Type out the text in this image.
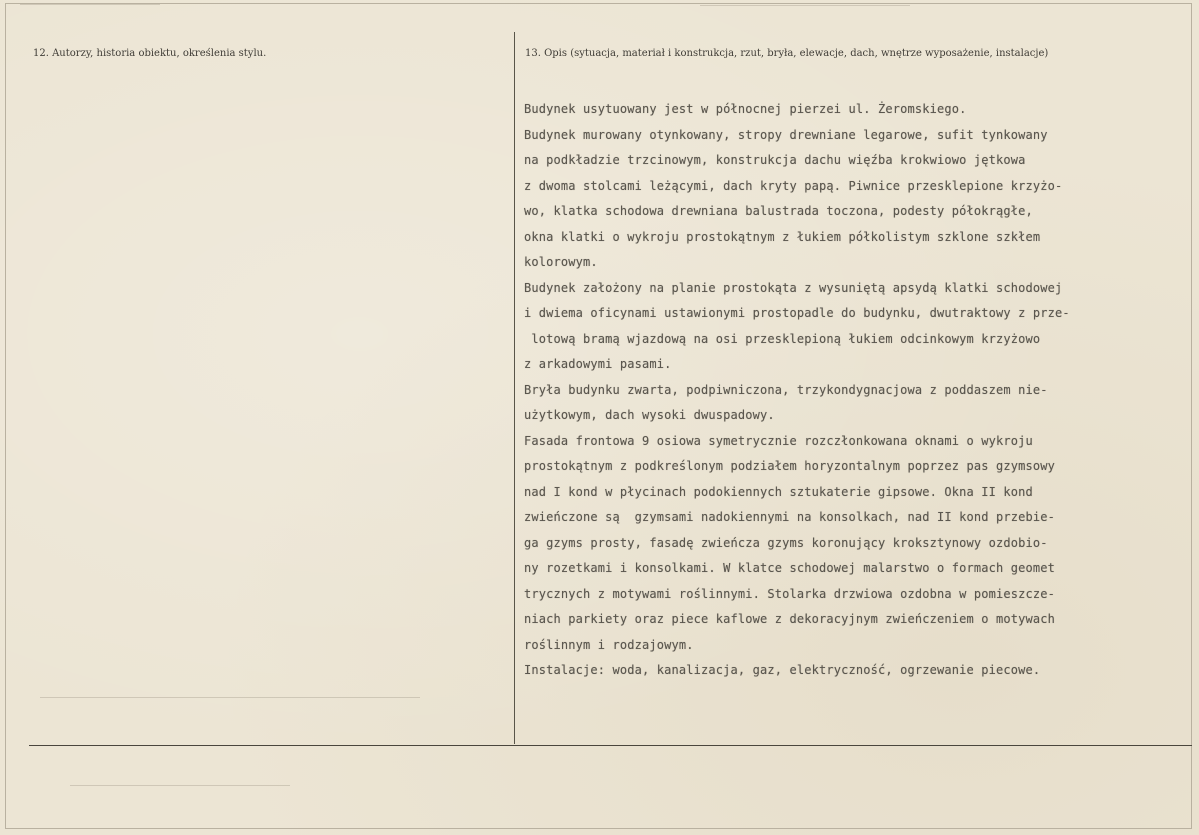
12. Autorzy, historia obiektu, określenia stylu.	13. Opis (sytuacja, materiał i konstrukcja, rzut, bryła, elewacje, dach, wnętrze wyposażenie, instalacje)
Budynek usytuowany jest w północnej pierzei ul. Żeromskiego.
Budynek murowany otynkowany, stropy drewniane legarowe, sufit tynkowany
na podkładzie trzcinowym, konstrukcja dachu więźba krokwiowo jętkowa
z dwoma stolcami leżącymi, dach kryty papą. Piwnice przesklepione krzyżo-
wo, klatka schodowa drewniana balustrada toczona, podesty półokrągłe,
okna klatki o wykroju prostokątnym z łukiem półkolistym szklone szkłem
kolorowym.
Budynek założony na planie prostokąta z wysuniętą apsydą klatki schodowej
i dwiema oficynami ustawionymi prostopadle do budynku, dwutraktowy z prze-
lotową bramą wjazdową na osi przesklepioną łukiem odcinkowym krzyżowo
z arkadowymi pasami.
Bryła budynku zwarta, podpiwniczona, trzykondygnacjowa z poddaszem nie-
użytkowym, dach wysoki dwuspadowy.
Fasada frontowa 9 osiowa symetrycznie rozczłonkowana oknami o wykroju
prostokątnym z podkreślonym podziałem horyzontalnym poprzez pas gzymsowy
nad I kond w płycinach podokiennych sztukaterie gipsowe. Okna II kond
zwieńczone są  gzymsami nadokiennymi na konsolkach, nad II kond przebie-
ga gzyms prosty, fasadę zwieńcza gzyms koronujący kroksztynowy ozdobio-
ny rozetkami i konsolkami. W klatce schodowej malarstwo o formach geomet
trycznych z motywami roślinnymi. Stolarka drzwiowa ozdobna w pomieszcze-
niach parkiety oraz piece kaflowe z dekoracyjnym zwieńczeniem o motywach
roślinnym i rodzajowym.
Instalacje: woda, kanalizacja, gaz, elektryczność, ogrzewanie piecowe.
